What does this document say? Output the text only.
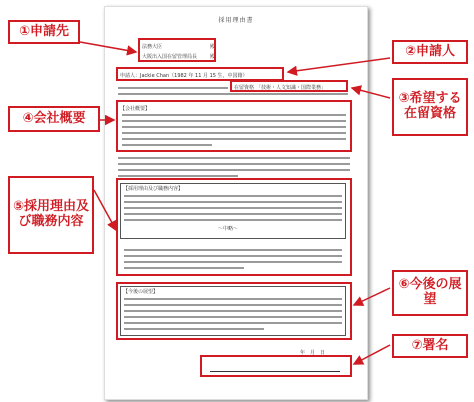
採用理由書
法務大臣
大阪出入国在留管理局長
殿
殿
申請人：Jackie Chan（1982 年 11 月 15 生，中国籍）
在留資格 「技術・人文知識・国際業務」
【会社概要】
【採用理由及び職務内容】
〜中略〜
【今後の展望】
年　月　日
①申請先
②申請人
③希望する在留資格
④会社概要
⑤採用理由及び職務内容
⑥今後の展望
⑦署名
